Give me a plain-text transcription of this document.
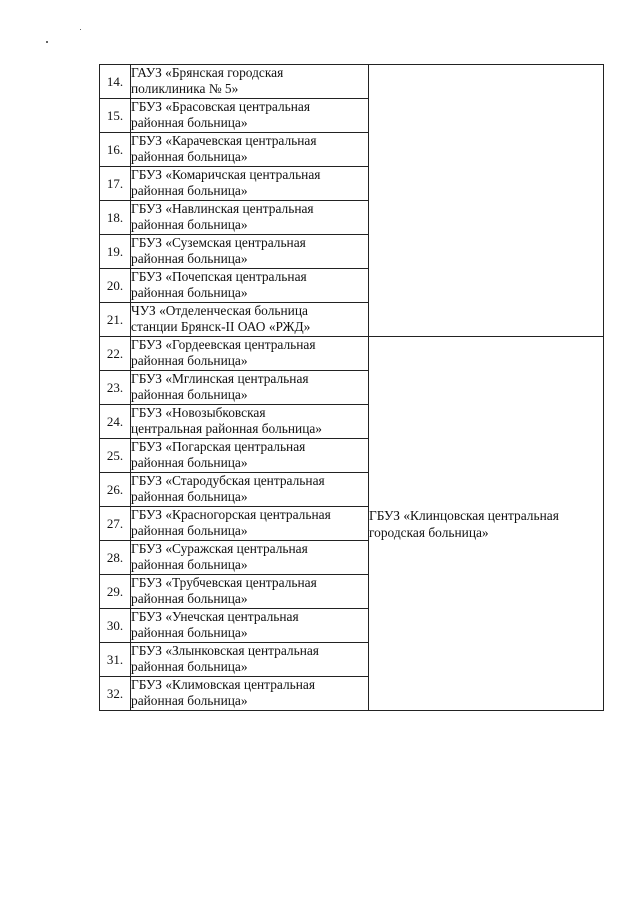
14.	ГАУЗ «Брянская городская
поликлиника № 5»	

15.	ГБУЗ «Брасовская центральная
районная больница»	

16.	ГБУЗ «Карачевская центральная
районная больница»	

17.	ГБУЗ «Комаричская центральная
районная больница»	

18.	ГБУЗ «Навлинская центральная
районная больница»	

19.	ГБУЗ «Суземская центральная
районная больница»	

20.	ГБУЗ «Почепская центральная
районная больница»	

21.	ЧУЗ «Отделенческая больница
станции Брянск-II ОАО «РЖД»	

22.	ГБУЗ «Гордеевская центральная
районная больница»	ГБУЗ «Клинцовская центральная
городская больница»

23.	ГБУЗ «Мглинская центральная
районная больница»	

24.	ГБУЗ «Новозыбковская
центральная районная больница»	

25.	ГБУЗ «Погарская центральная
районная больница»	

26.	ГБУЗ «Стародубская центральная
районная больница»	

27.	ГБУЗ «Красногорская центральная
районная больница»	

28.	ГБУЗ «Суражская центральная
районная больница»	

29.	ГБУЗ «Трубчевская центральная
районная больница»	

30.	ГБУЗ «Унечская центральная
районная больница»	

31.	ГБУЗ «Злынковская центральная
районная больница»	

32.	ГБУЗ «Климовская центральная
районная больница»	
